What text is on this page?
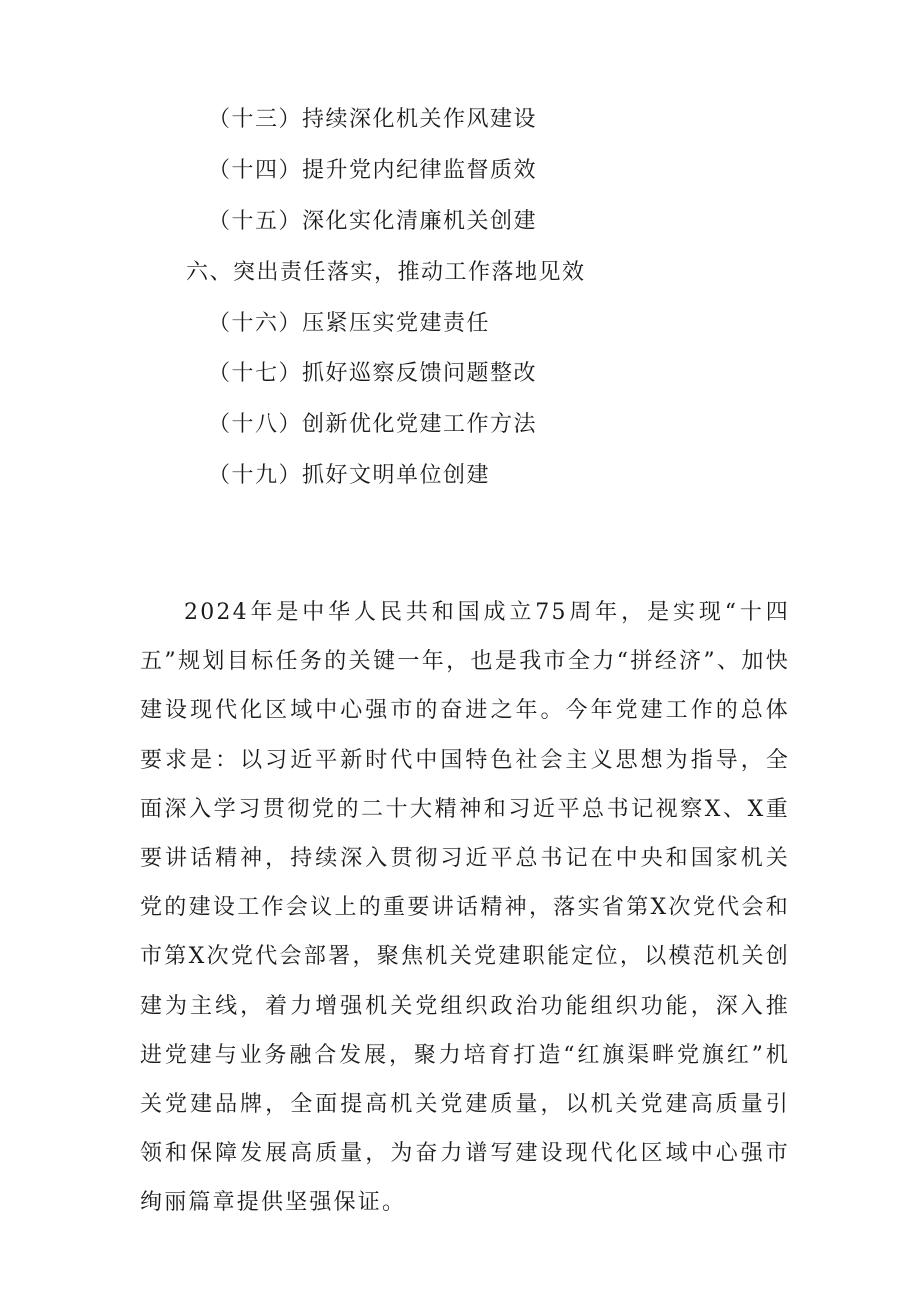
（十三）持续深化机关作风建设
（十四）提升党内纪律监督质效
（十五）深化实化清廉机关创建
六、突出责任落实，推动工作落地见效
（十六）压紧压实党建责任
（十七）抓好巡察反馈问题整改
（十八）创新优化党建工作方法
（十九）抓好文明单位创建

2024年是中华人民共和国成立75周年，是实现“十四五”规划目标任务的关键一年，也是我市全力“拼经济”、加快建设现代化区域中心强市的奋进之年。今年党建工作的总体要求是：以习近平新时代中国特色社会主义思想为指导，全面深入学习贯彻党的二十大精神和习近平总书记视察X、X重要讲话精神，持续深入贯彻习近平总书记在中央和国家机关党的建设工作会议上的重要讲话精神，落实省第X次党代会和市第X次党代会部署，聚焦机关党建职能定位，以模范机关创建为主线，着力增强机关党组织政治功能组织功能，深入推进党建与业务融合发展，聚力培育打造“红旗渠畔党旗红”机关党建品牌，全面提高机关党建质量，以机关党建高质量引领和保障发展高质量，为奋力谱写建设现代化区域中心强市绚丽篇章提供坚强保证。
